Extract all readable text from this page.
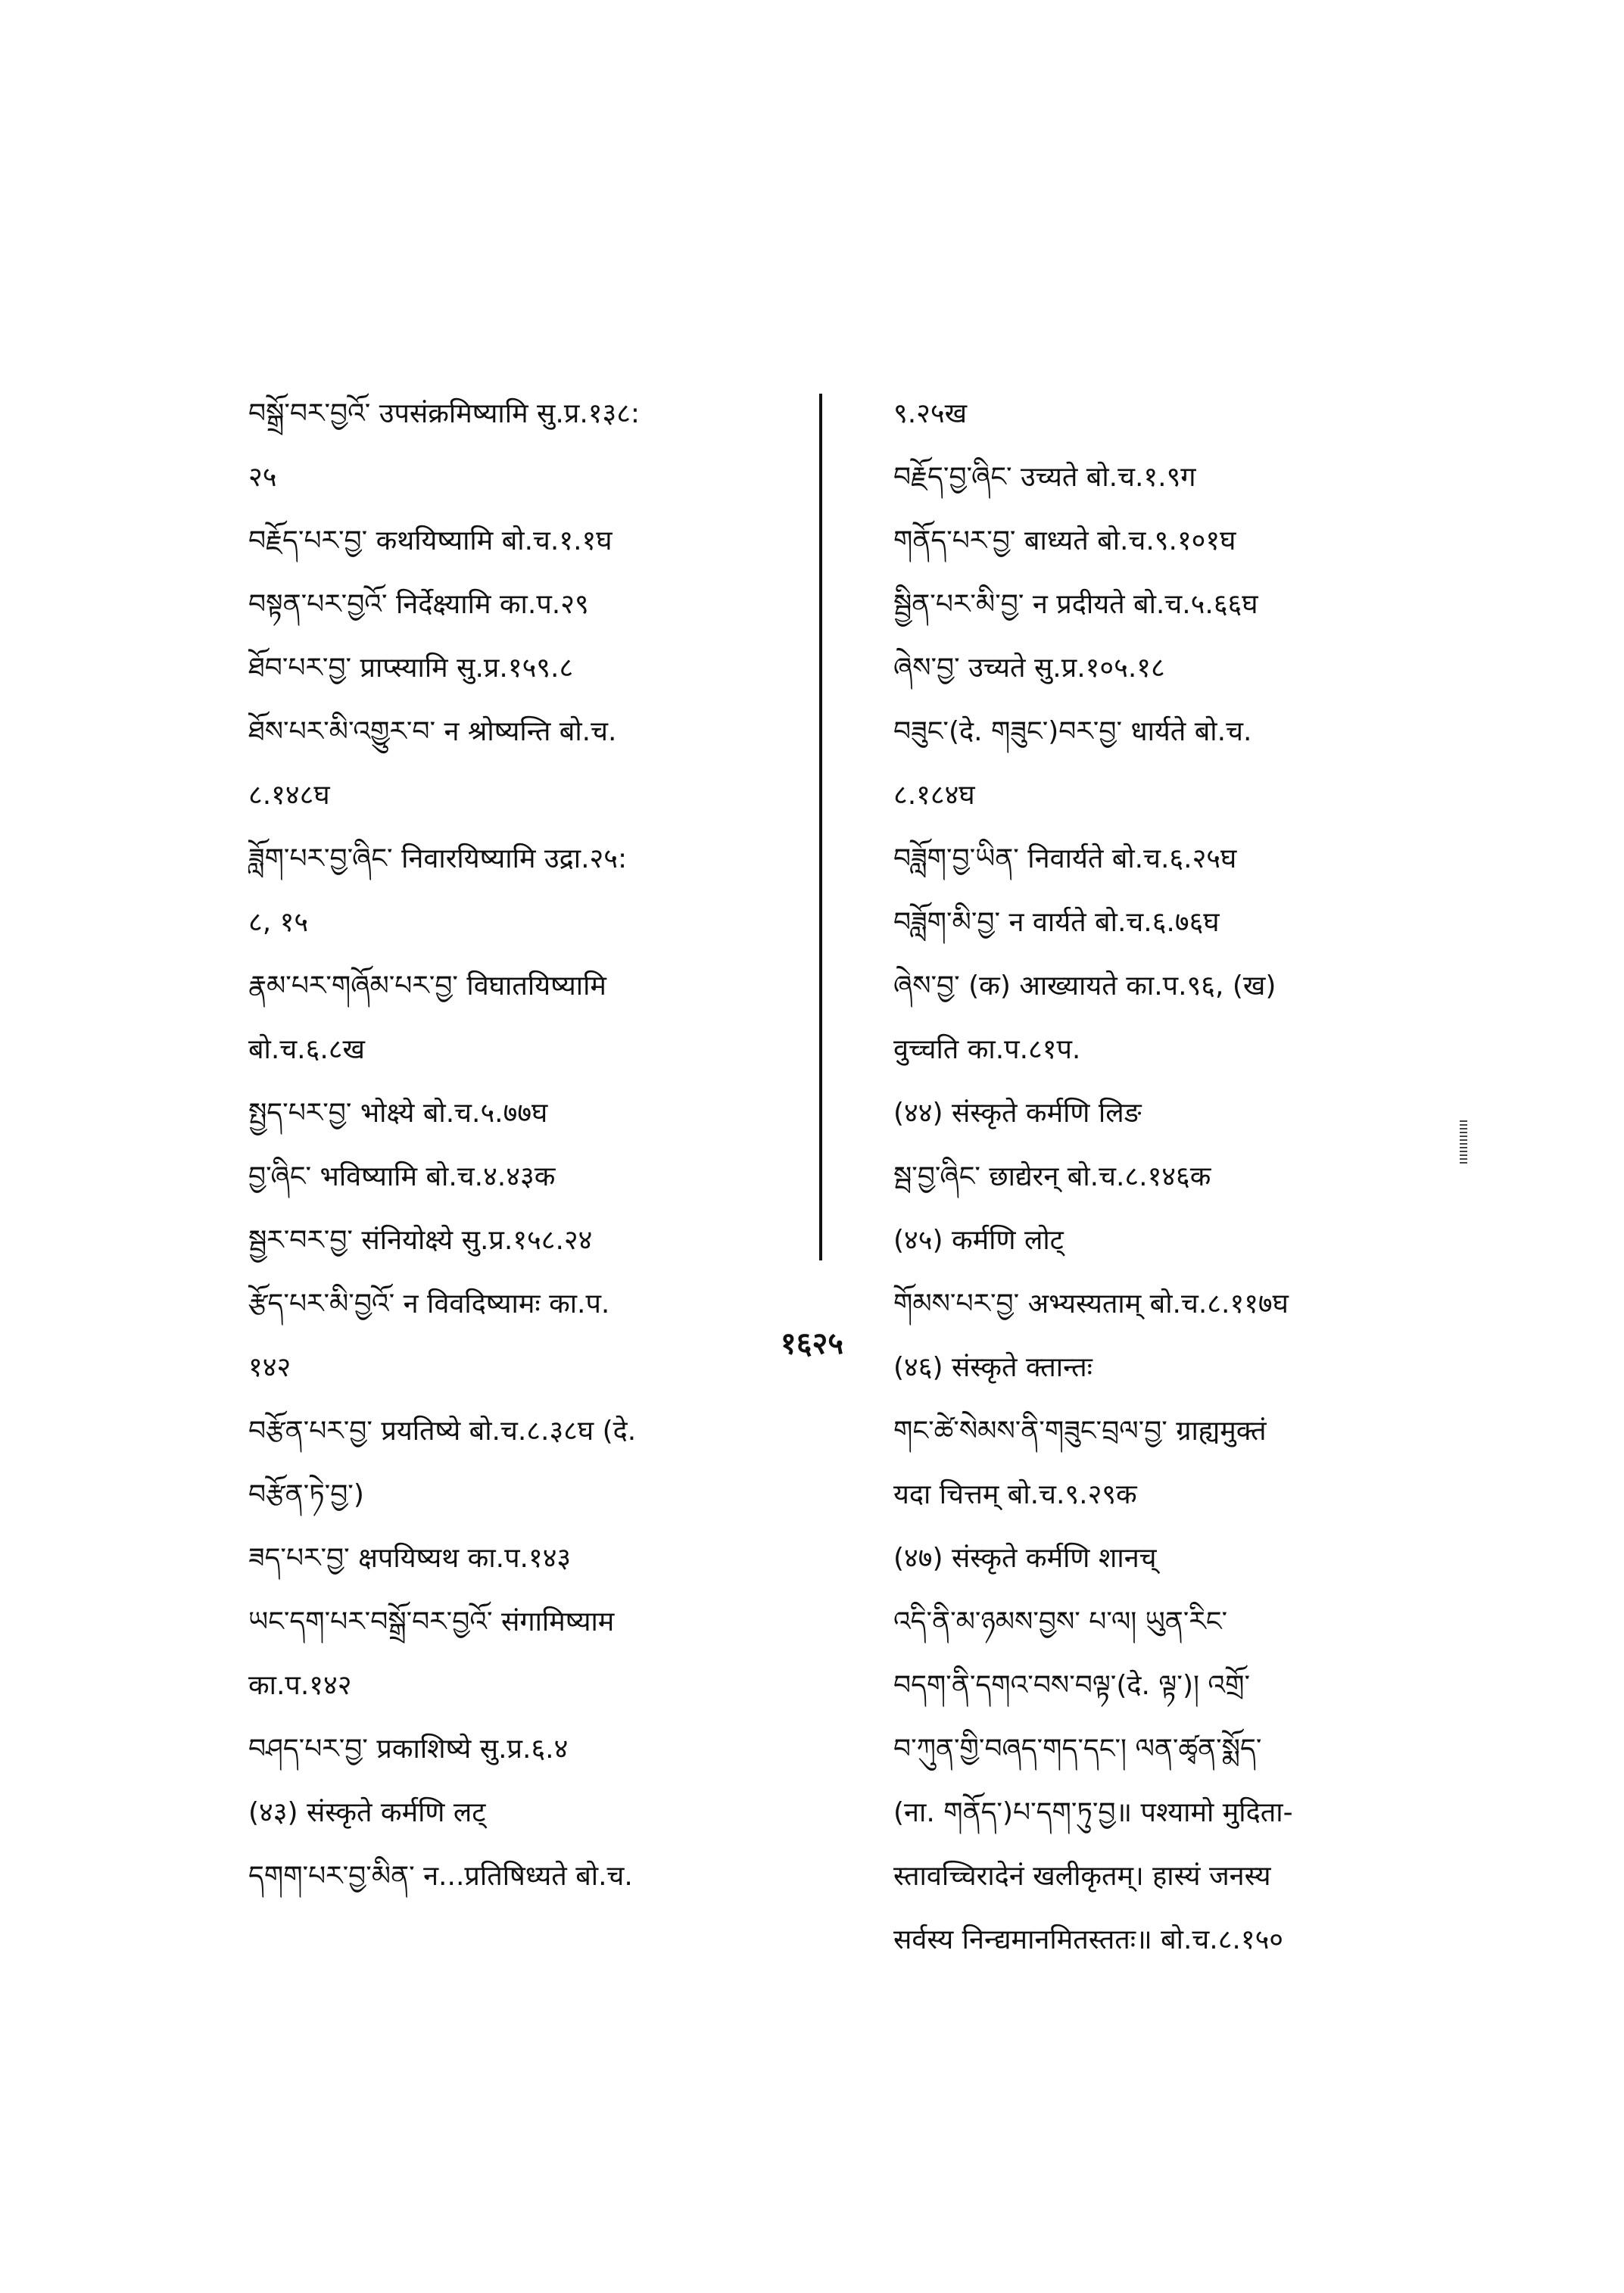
བསྒྲོ་བར་བྱའོ་ उपसंक्रमिष्यामि सु.प्र.१३८:
२५
བརྗོད་པར་བྱ་ कथयिष्यामि बो.च.१.१घ
བསྟན་པར་བྱའོ་ निर्देक्ष्यामि का.प.२९
ཐོབ་པར་བྱ་ प्राप्स्यामि सु.प्र.१५९.८
ཐོས་པར་མི་འགྱུར་བ་ न श्रोष्यन्ति बो.च.
८.१४८घ
ཟློག་པར་བྱ་ཞིང་ निवारयिष्यामि उद्रा.२५:
८, १५
རྣམ་པར་གཞོམ་པར་བྱ་ विघातयिष्यामि
बो.च.६.८ख
སྤྱད་པར་བྱ་ भोक्ष्ये बो.च.५.७७घ
བྱ་ཞིང་ भविष्यामि बो.च.४.४३क
སྦྱར་བར་བྱ་ संनियोक्ष्ये सु.प्र.१५८.२४
རྩོད་པར་མི་བྱའོ་ न विवदिष्यामः का.प.
१४२
བརྩོན་པར་བྱ་ प्रयतिष्ये बो.च.८.३८घ (दे.
བརྩོན་ཏེ་བྱ་)
ཟད་པར་བྱ་ क्षपयिष्यथ का.प.१४३
ཡང་དག་པར་བསྒྲོ་བར་བྱའོ་ संगामिष्याम
का.प.१४२
བཤད་པར་བྱ་ प्रकाशिष्ये सु.प्र.६.४
(४३) संस्कृते कर्मणि लट्
དགག་པར་བྱ་མིན་ न...प्रतिषिध्यते बो.च.
९.२५ख
བརྗོད་བྱ་ཞིང་ उच्यते बो.च.१.९ग
གནོད་པར་བྱ་ बाध्यते बो.च.९.१०१घ
སྦྱིན་པར་མི་བྱ་ न प्रदीयते बो.च.५.६६घ
ཞེས་བྱ་ उच्यते सु.प्र.१०५.१८
བཟུང་(दे. གཟུང་)བར་བྱ་ धार्यते बो.च.
८.१८४घ
བཟློག་བྱ་ཡིན་ निवार्यते बो.च.६.२५घ
བཟློག་མི་བྱ་ न वार्यते बो.च.६.७६घ
ཞེས་བྱ་ (क) आख्यायते का.प.९६, (ख)
वुच्चति का.प.८१प.
(४४) संस्कृते कर्मणि लिङ
སྦ་བྱ་ཞིང་ छाद्येरन् बो.च.८.१४६क
(४५) कर्मणि लोट्
གོམས་པར་བྱ་ अभ्यस्यताम् बो.च.८.११७घ
(४६) संस्कृते क्तान्तः
གང་ཚེ་སེམས་ནི་གཟུང་བྲལ་བྱ་ ग्राह्यमुक्तं
यदा चित्तम् बो.च.९.२९क
(४७) संस्कृते कर्मणि शानच्
འདི་ནི་མ་ཉམས་བྱས་ པ་ལ། ཡུན་རིང་
བདག་ནི་དགའ་བས་བལྟ་(दे. ལྟ་)། འགྲོ་
བ་ཀུན་གྱི་བཞད་གད་དང་། ལན་ཚྭན་སྨོད་
(ना. གནོད་)པ་དག་ཏུ་བྱ॥ पश्यामो मुदिता-
स्तावच्चिरादेनं खलीकृतम्। हास्यं जनस्य
सर्वस्य निन्द्यमानमितस्ततः॥ बो.च.८.१५०
१६२५
